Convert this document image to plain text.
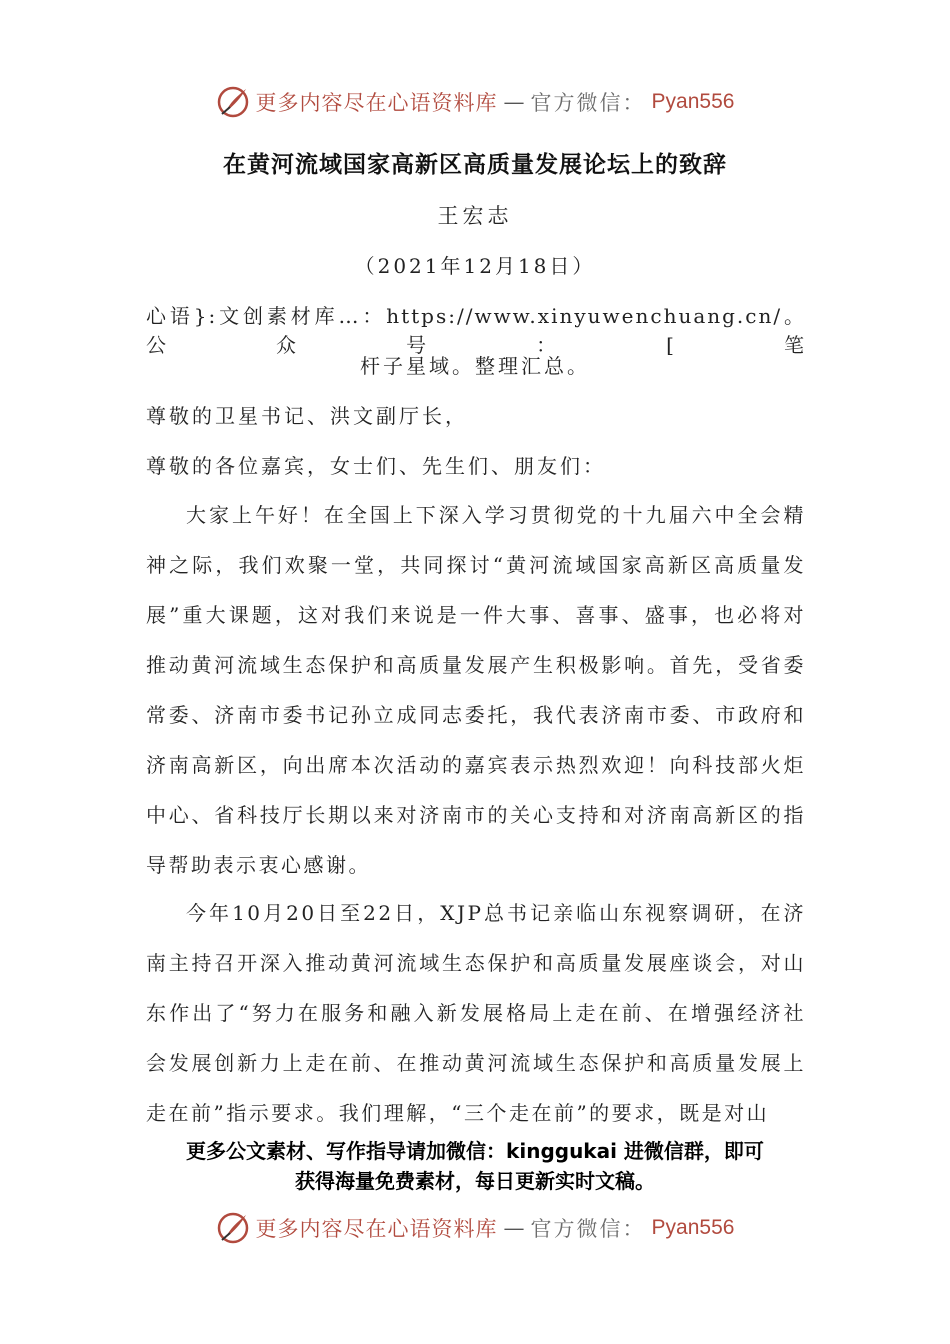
更多内容尽在心语资料库 — 官方微信： Pyan556
在黄河流域国家高新区高质量发展论坛上的致辞
王宏志
（2021年12月18日）
心语}:文创素材库…：https://www.xinyuwenchuang.cn/。公众号：[笔
杆子星域。整理汇总。
尊敬的卫星书记、洪文副厅长，
尊敬的各位嘉宾，女士们、先生们、朋友们：

大家上午好！在全国上下深入学习贯彻党的十九届六中全会精神之际，我们欢聚一堂，共同探讨“黄河流域国家高新区高质量发展”重大课题，这对我们来说是一件大事、喜事、盛事，也必将对推动黄河流域生态保护和高质量发展产生积极影响。首先，受省委常委、济南市委书记孙立成同志委托，我代表济南市委、市政府和济南高新区，向出席本次活动的嘉宾表示热烈欢迎！向科技部火炬中心、省科技厅长期以来对济南市的关心支持和对济南高新区的指导帮助表示衷心感谢。

今年10月20日至22日，XJP总书记亲临山东视察调研，在济南主持召开深入推动黄河流域生态保护和高质量发展座谈会，对山东作出了“努力在服务和融入新发展格局上走在前、在增强经济社会发展创新力上走在前、在推动黄河流域生态保护和高质量发展上走在前”指示要求。我们理解，“三个走在前”的要求，既是对山

更多公文素材、写作指导请加微信：kinggukai 进微信群，即可
获得海量免费素材，每日更新实时文稿。
更多内容尽在心语资料库 — 官方微信： Pyan556
